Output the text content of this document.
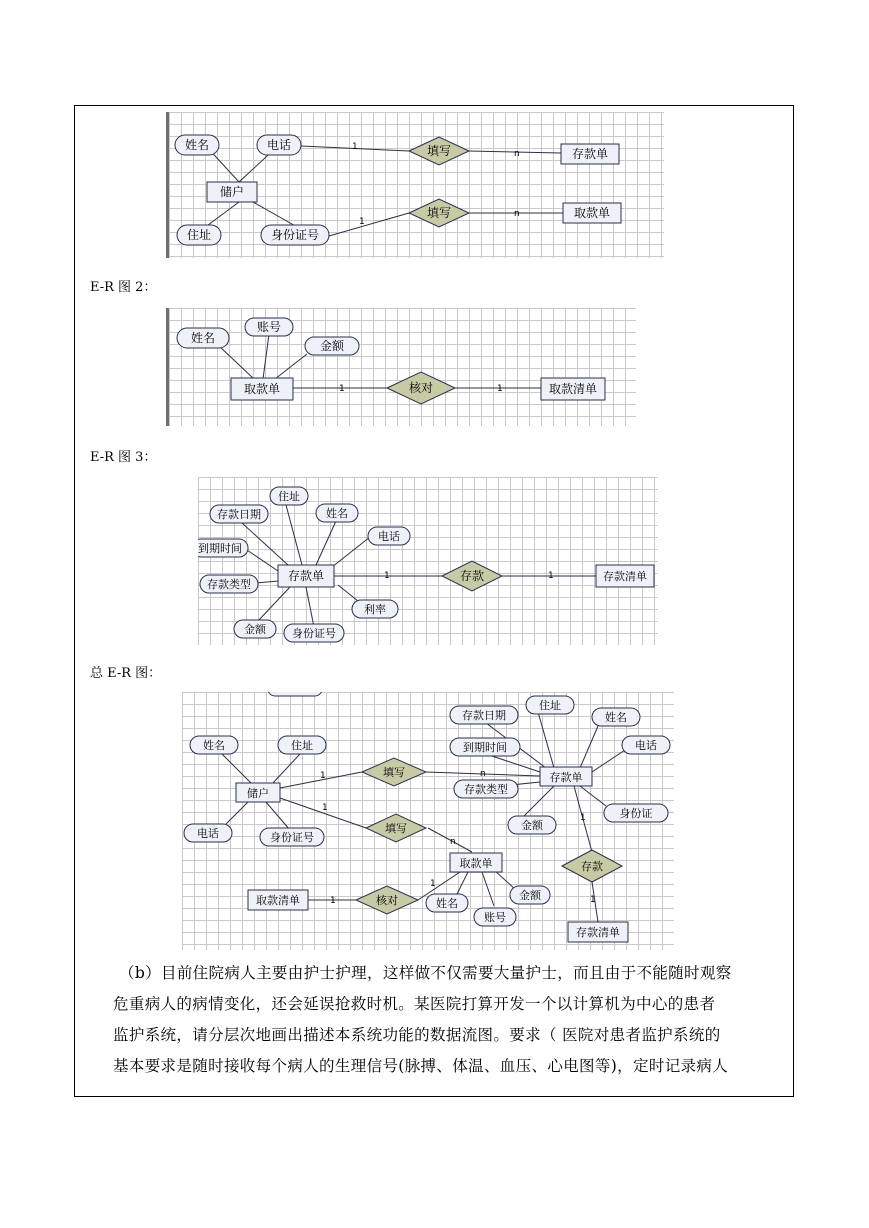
姓名	电话
储户
住址	身份证号
填写
填写
存款单
取款单
1
n
1
n
E-R 图 2：
姓名
账号
金额
取款单	核对	取款清单
1	1
E-R 图 3：
住址
姓名
存款日期
电话
到期时间
存款单
存款类型
利率
金额 身份证号
存款	存款清单
1	1
总 E-R 图：
姓名	住址
储户
电话	身份证号
填写
填写
存款日期
住址
姓名
到期时间	电话
存款单
存款类型
金额
身份证
取款单	存款
金额
取款清单	核对	姓名
账号
存款清单
1	n
1
n
1
1
1
1
（b）目前住院病人主要由护士护理，这样做不仅需要大量护士，而且由于不能随时观察
危重病人的病情变化，还会延误抢救时机。某医院打算开发一个以计算机为中心的患者
监护系统，请分层次地画出描述本系统功能的数据流图。要求（ 医院对患者监护系统的
基本要求是随时接收每个病人的生理信号(脉搏、体温、血压、心电图等)，定时记录病人
